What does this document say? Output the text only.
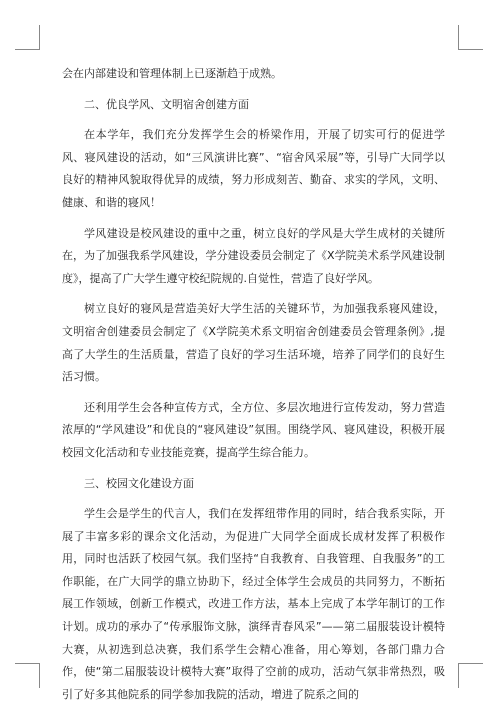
会在内部建设和管理体制上已逐渐趋于成熟。

二、优良学风、文明宿舍创建方面

在本学年，我们充分发挥学生会的桥梁作用，开展了切实可行的促进学风、寝风建设的活动，如“三风演讲比赛”、“宿舍风采展”等，引导广大同学以良好的精神风貌取得优异的成绩，努力形成刻苦、勤奋、求实的学风，文明、健康、和谐的寝风！

学风建设是校风建设的重中之重，树立良好的学风是大学生成材的关键所在，为了加强我系学风建设，学分建设委员会制定了《X学院美术系学风建设制度》，提高了广大学生遵守校纪院规的.自觉性，营造了良好学风。

树立良好的寝风是营造美好大学生活的关键环节，为加强我系寝风建设，文明宿舍创建委员会制定了《X学院美术系文明宿舍创建委员会管理条例》,提高了大学生的生活质量，营造了良好的学习生活环境，培养了同学们的良好生活习惯。

还利用学生会各种宣传方式，全方位、多层次地进行宣传发动，努力营造浓厚的“学风建设”和优良的“寝风建设”氛围。围绕学风、寝风建设，积极开展校园文化活动和专业技能竞赛，提高学生综合能力。

三、校园文化建设方面

学生会是学生的代言人，我们在发挥纽带作用的同时，结合我系实际，开展了丰富多彩的课余文化活动，为促进广大同学全面成长成材发挥了积极作用，同时也活跃了校园气氛。我们坚持“自我教育、自我管理、自我服务”的工作职能，在广大同学的鼎立协助下，经过全体学生会成员的共同努力，不断拓展工作领域，创新工作模式，改进工作方法，基本上完成了本学年制订的工作计划。成功的承办了“传承服饰文脉，演绎青春风采”——第二届服装设计模特大赛，从初选到总决赛，我们系学生会精心准备，用心筹划，各部门鼎力合作，使“第二届服装设计模特大赛”取得了空前的成功，活动气氛非常热烈，吸引了好多其他院系的同学参加我院的活动，增进了院系之间的
